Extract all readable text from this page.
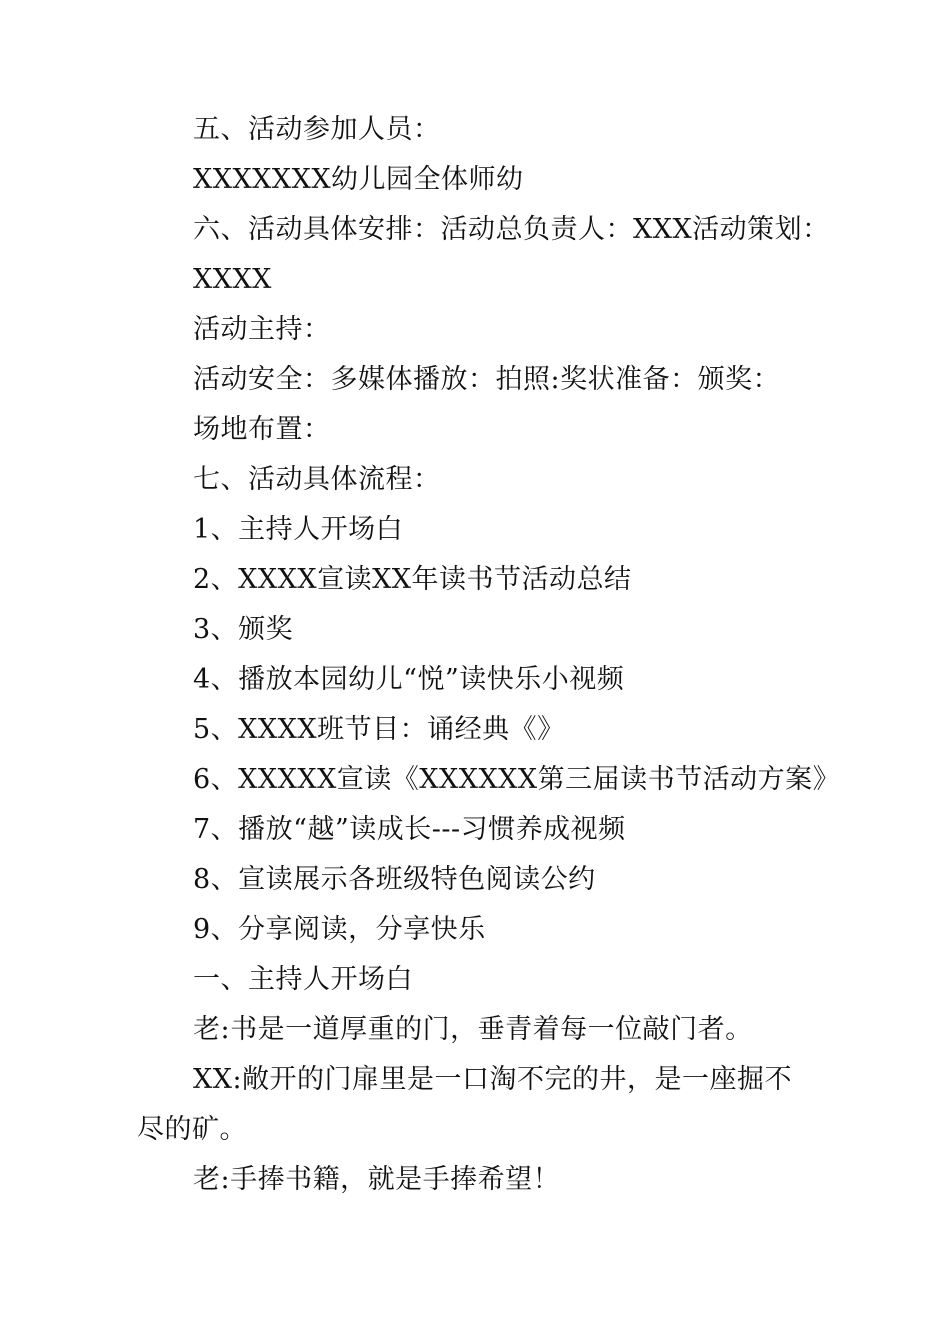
五、活动参加人员：
XXXXXXX幼儿园全体师幼
六、活动具体安排：活动总负责人：XXX活动策划：
XXXX
活动主持：
活动安全：多媒体播放：拍照:奖状准备：颁奖：
场地布置：
七、活动具体流程：
1、主持人开场白
2、XXXX宣读XX年读书节活动总结
3、颁奖
4、播放本园幼儿“悦”读快乐小视频
5、XXXX班节目：诵经典《》
6、XXXXX宣读《XXXXXX第三届读书节活动方案》
7、播放“越”读成长---习惯养成视频
8、宣读展示各班级特色阅读公约
9、分享阅读，分享快乐
一、主持人开场白
老:书是一道厚重的门，垂青着每一位敲门者。
XX:敞开的门扉里是一口淘不完的井，是一座掘不
尽的矿。
老:手捧书籍，就是手捧希望！
